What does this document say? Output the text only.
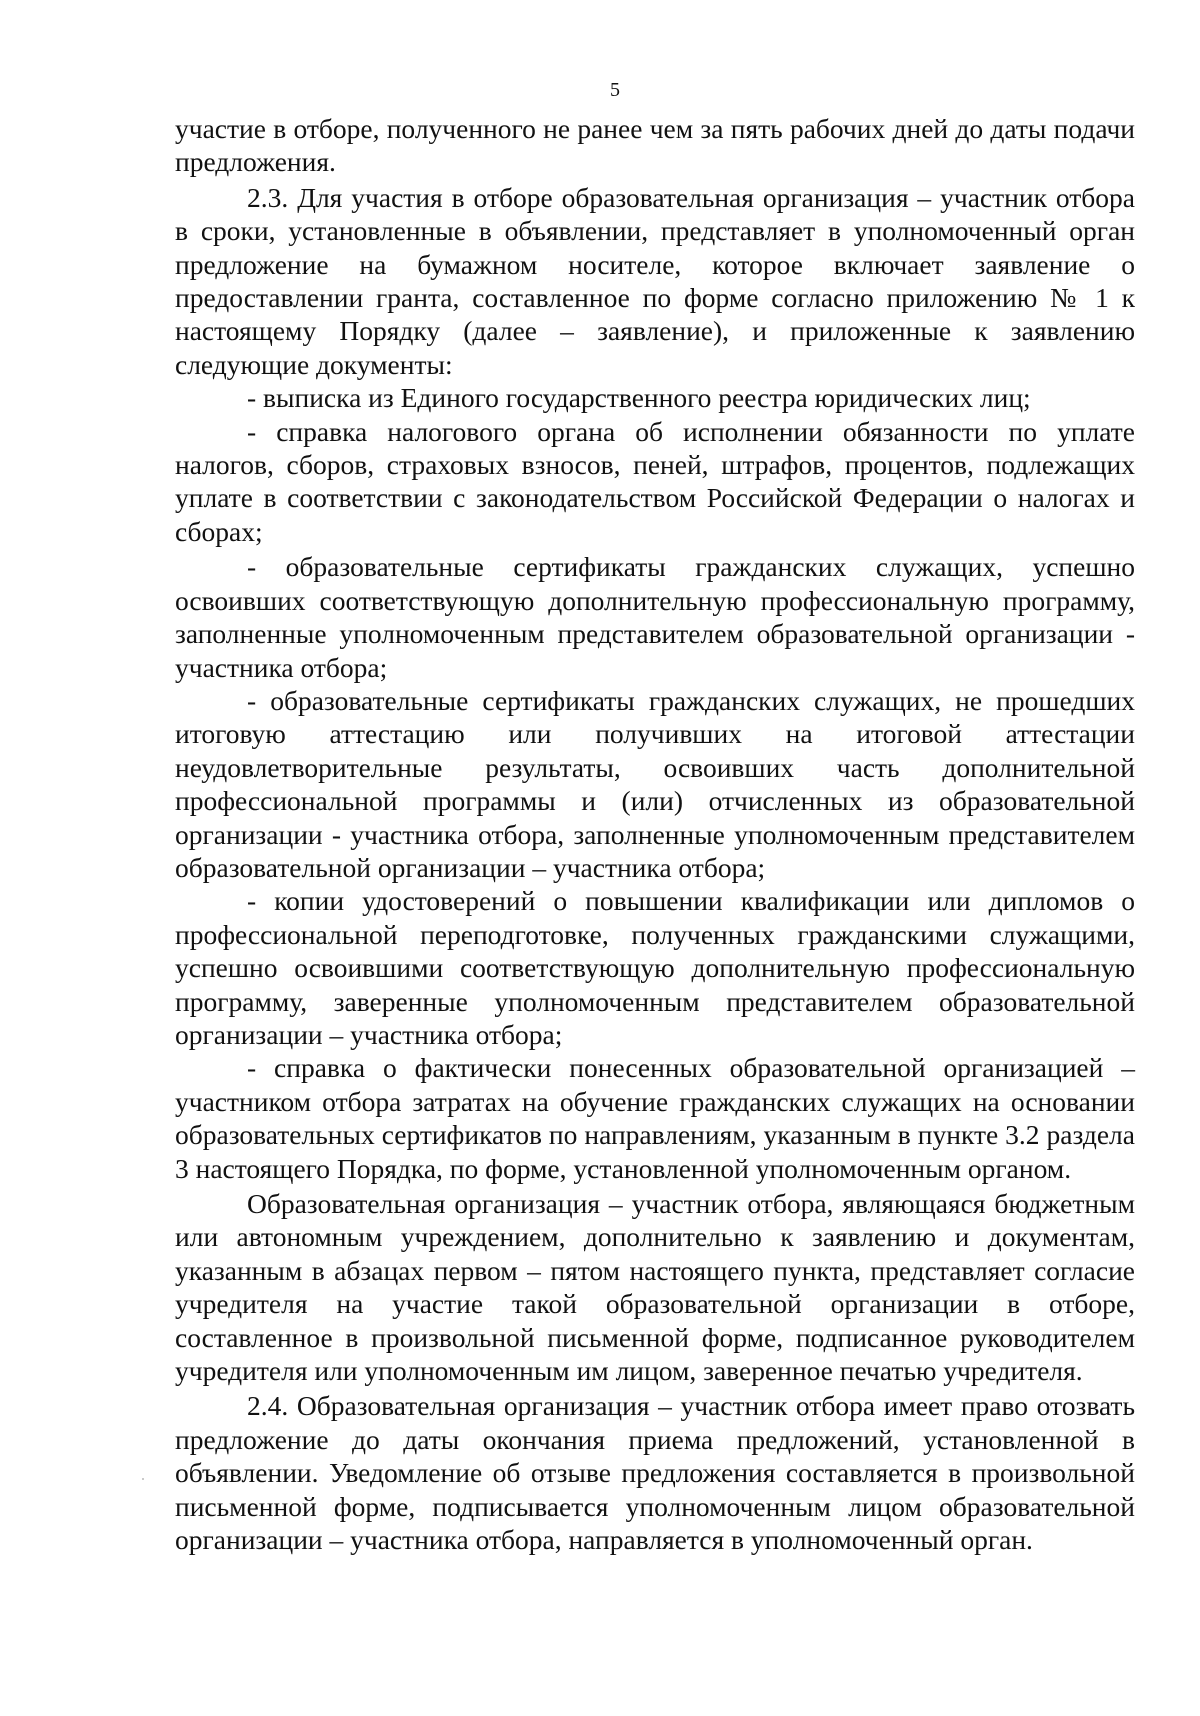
5

участие в отборе, полученного не ранее чем за пять рабочих дней до даты подачи предложения.

2.3. Для участия в отборе образовательная организация – участник отбора в сроки, установленные в объявлении, представляет в уполномоченный орган предложение на бумажном носителе, которое включает заявление о предоставлении гранта, составленное по форме согласно приложению № 1 к настоящему Порядку (далее – заявление), и приложенные к заявлению следующие документы:

- выписка из Единого государственного реестра юридических лиц;

- справка налогового органа об исполнении обязанности по уплате налогов, сборов, страховых взносов, пеней, штрафов, процентов, подлежащих уплате в соответствии с законодательством Российской Федерации о налогах и сборах;

- образовательные сертификаты гражданских служащих, успешно освоивших соответствующую дополнительную профессиональную программу, заполненные уполномоченным представителем образовательной организации - участника отбора;

- образовательные сертификаты гражданских служащих, не прошедших итоговую аттестацию или получивших на итоговой аттестации неудовлетворительные результаты, освоивших часть дополнительной профессиональной программы и (или) отчисленных из образовательной организации - участника отбора, заполненные уполномоченным представителем образовательной организации – участника отбора;

- копии удостоверений о повышении квалификации или дипломов о профессиональной переподготовке, полученных гражданскими служащими, успешно освоившими соответствующую дополнительную профессиональную программу, заверенные уполномоченным представителем образовательной организации – участника отбора;

- справка о фактически понесенных образовательной организацией – участником отбора затратах на обучение гражданских служащих на основании образовательных сертификатов по направлениям, указанным в пункте 3.2 раздела 3 настоящего Порядка, по форме, установленной уполномоченным органом.

Образовательная организация – участник отбора, являющаяся бюджетным или автономным учреждением, дополнительно к заявлению и документам, указанным в абзацах первом – пятом настоящего пункта, представляет согласие учредителя на участие такой образовательной организации в отборе, составленное в произвольной письменной форме, подписанное руководителем учредителя или уполномоченным им лицом, заверенное печатью учредителя.

2.4. Образовательная организация – участник отбора имеет право отозвать предложение до даты окончания приема предложений, установленной в объявлении. Уведомление об отзыве предложения составляется в произвольной письменной форме, подписывается уполномоченным лицом образовательной организации – участника отбора, направляется в уполномоченный орган.
